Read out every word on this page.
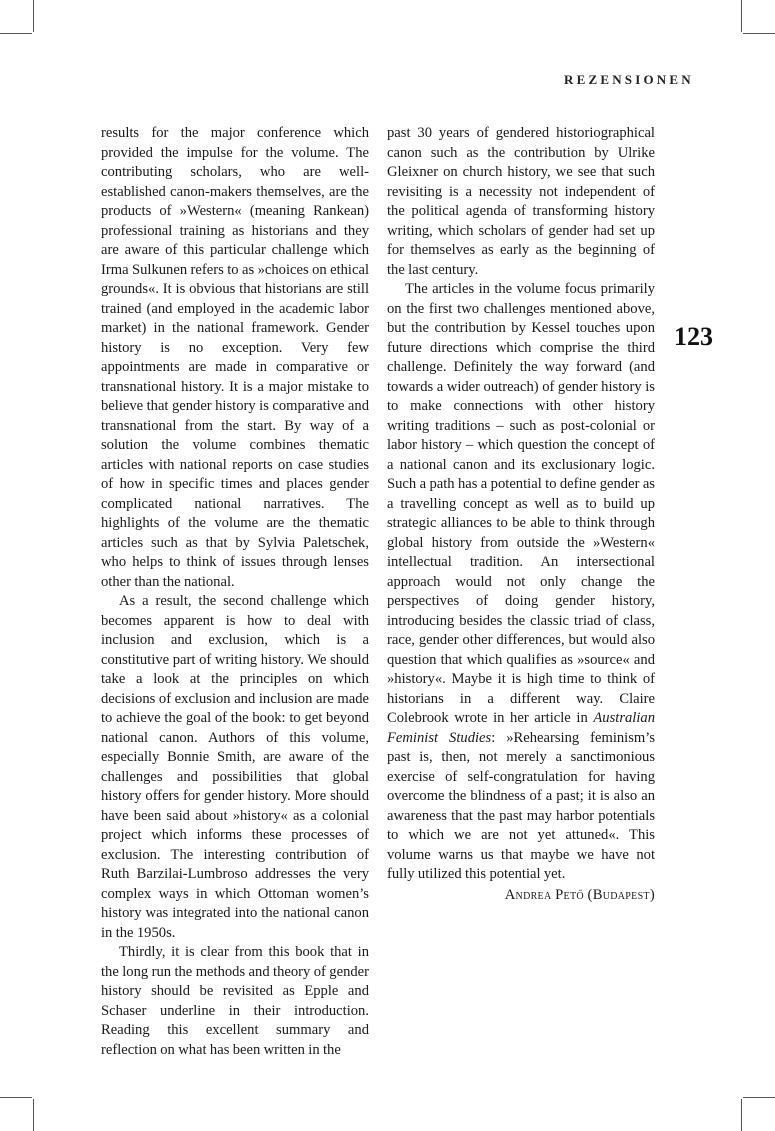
REZENSIONEN
123

results for the major conference which provided the impulse for the volume. The contributing scholars, who are well-established canon-makers themselves, are the products of »Western« (meaning Rankean) professional training as historians and they are aware of this particular challenge which Irma Sulkunen refers to as »choices on ethical grounds«. It is obvious that historians are still trained (and employed in the academic labor market) in the national framework. Gender history is no exception. Very few appointments are made in comparative or transnational history. It is a major mistake to believe that gender history is comparative and transnational from the start. By way of a solution the volume combines thematic articles with national reports on case studies of how in specific times and places gender complicated national narratives. The highlights of the volume are the thematic articles such as that by Sylvia Paletschek, who helps to think of issues through lenses other than the national.

As a result, the second challenge which becomes apparent is how to deal with inclusion and exclusion, which is a constitutive part of writing history. We should take a look at the principles on which decisions of exclusion and inclusion are made to achieve the goal of the book: to get beyond national canon. Authors of this volume, especially Bonnie Smith, are aware of the challenges and possibilities that global history offers for gender history. More should have been said about »history« as a colonial project which informs these processes of exclusion. The interesting contribution of Ruth Barzilai-Lumbroso addresses the very complex ways in which Ottoman women’s history was integrated into the national canon in the 1950s.

Thirdly, it is clear from this book that in the long run the methods and theory of gender history should be revisited as Epple and Schaser underline in their introduction. Reading this excellent summary and reflection on what has been written in the

past 30 years of gendered historiographical canon such as the contribution by Ulrike Gleixner on church history, we see that such revisiting is a necessity not independent of the political agenda of transforming history writing, which scholars of gender had set up for themselves as early as the beginning of the last century.

The articles in the volume focus primarily on the first two challenges mentioned above, but the contribution by Kessel touches upon future directions which comprise the third challenge. Definitely the way forward (and towards a wider outreach) of gender history is to make connections with other history writing traditions – such as post-colonial or labor history – which question the concept of a national canon and its exclusionary logic. Such a path has a potential to define gender as a travelling concept as well as to build up strategic alliances to be able to think through global history from outside the »Western« intellectual tradition. An intersectional approach would not only change the perspectives of doing gender history, introducing besides the classic triad of class, race, gender other differences, but would also question that which qualifies as »source« and »history«. Maybe it is high time to think of historians in a different way. Claire Colebrook wrote in her article in Australian Feminist Studies: »Rehearsing feminism’s past is, then, not merely a sanctimonious exercise of self-congratulation for having overcome the blindness of a past; it is also an awareness that the past may harbor potentials to which we are not yet attuned«. This volume warns us that maybe we have not fully utilized this potential yet.

Andrea Pető (Budapest)
